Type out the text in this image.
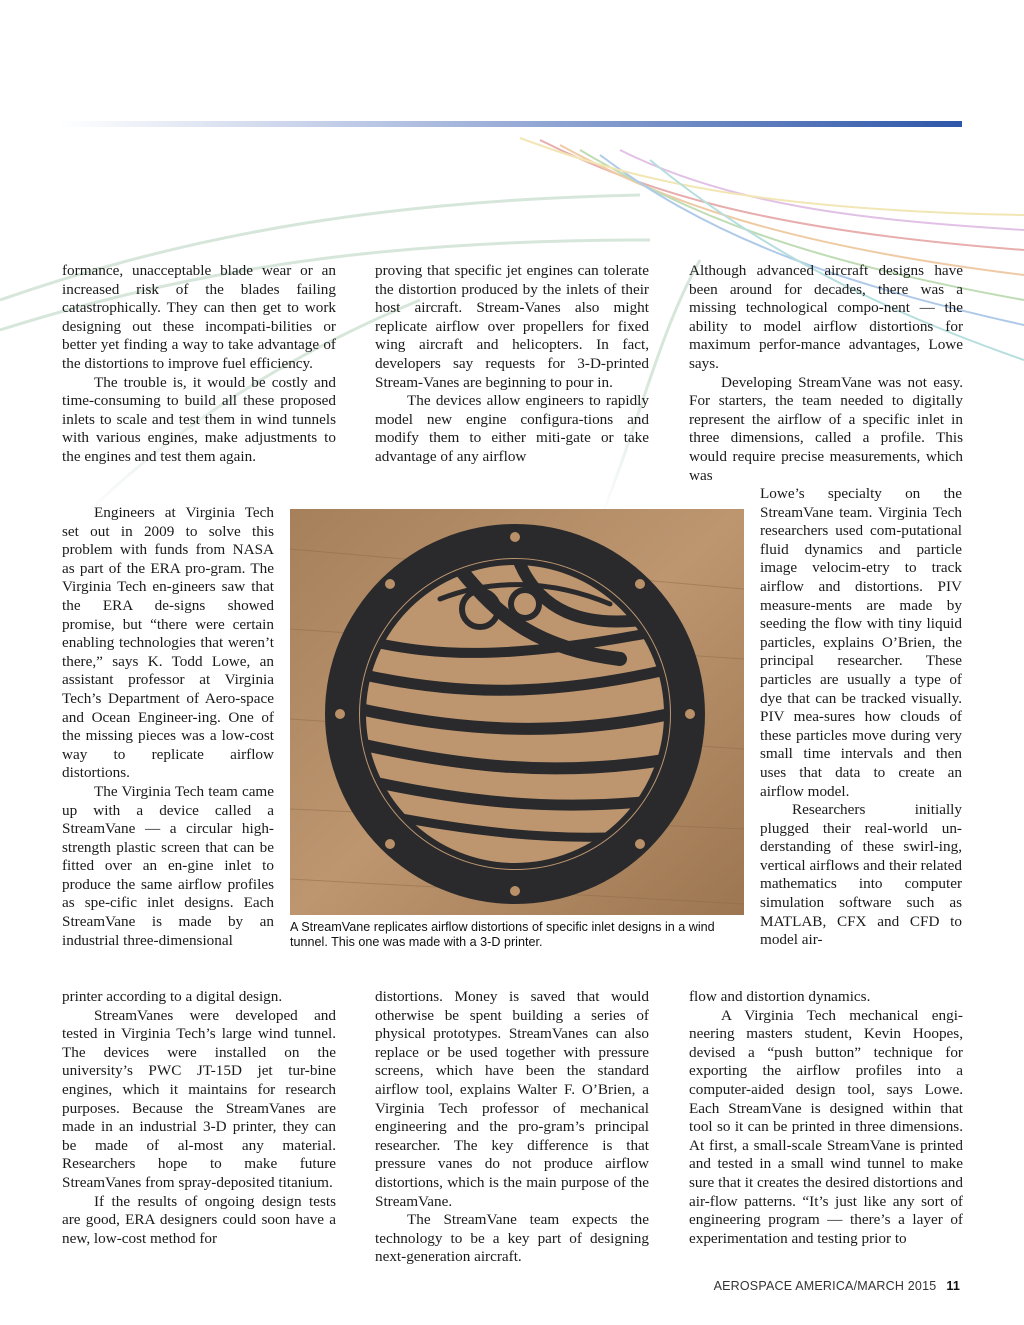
formance, unacceptable blade wear or an increased risk of the blades failing catastrophically. They can then get to work designing out these incompati-bilities or better yet finding a way to take advantage of the distortions to improve fuel efficiency.

The trouble is, it would be costly and time-consuming to build all these proposed inlets to scale and test them in wind tunnels with various engines, make adjustments to the engines and test them again.

Engineers at Virginia Tech set out in 2009 to solve this problem with funds from NASA as part of the ERA pro-gram. The Virginia Tech en-gineers saw that the ERA de-signs showed promise, but “there were certain enabling technologies that weren’t there,” says K. Todd Lowe, an assistant professor at Virginia Tech’s Department of Aero-space and Ocean Engineer-ing. One of the missing pieces was a low-cost way to replicate airflow distortions.

The Virginia Tech team came up with a device called a StreamVane — a circular high-strength plastic screen that can be fitted over an en-gine inlet to produce the same airflow profiles as spe-cific inlet designs. Each StreamVane is made by an industrial three-dimensional

printer according to a digital design.

StreamVanes were developed and tested in Virginia Tech’s large wind tunnel. The devices were installed on the university’s PWC JT-15D jet tur-bine engines, which it maintains for research purposes. Because the StreamVanes are made in an industrial 3-D printer, they can be made of al-most any material. Researchers hope to make future StreamVanes from spray-deposited titanium.

If the results of ongoing design tests are good, ERA designers could soon have a new, low-cost method for

proving that specific jet engines can tolerate the distortion produced by the inlets of their host aircraft. Stream-Vanes also might replicate airflow over propellers for fixed wing aircraft and helicopters. In fact, developers say requests for 3-D-printed Stream-Vanes are beginning to pour in.

The devices allow engineers to rapidly model new engine configura-tions and modify them to either miti-gate or take advantage of any airflow

distortions. Money is saved that would otherwise be spent building a series of physical prototypes. StreamVanes can also replace or be used together with pressure screens, which have been the standard airflow tool, explains Walter F. O’Brien, a Virginia Tech professor of mechanical engineering and the pro-gram’s principal researcher. The key difference is that pressure vanes do not produce airflow distortions, which is the main purpose of the StreamVane.

The StreamVane team expects the technology to be a key part of designing next-generation aircraft.

Although advanced aircraft designs have been around for decades, there was a missing technological compo-nent — the ability to model airflow distortions for maximum perfor-mance advantages, Lowe says.

Developing StreamVane was not easy. For starters, the team needed to digitally represent the airflow of a specific inlet in three dimensions, called a profile. This would require precise measurements, which was

Lowe’s specialty on the StreamVane team. Virginia Tech researchers used com-putational fluid dynamics and particle image velocim-etry to track airflow and distortions. PIV measure-ments are made by seeding the flow with tiny liquid particles, explains O’Brien, the principal researcher. These particles are usually a type of dye that can be tracked visually. PIV mea-sures how clouds of these particles move during very small time intervals and then uses that data to create an airflow model.

Researchers initially plugged their real-world un-derstanding of these swirl-ing, vertical airflows and their related mathematics into computer simulation software such as MATLAB, CFX and CFD to model air-

flow and distortion dynamics.

A Virginia Tech mechanical engi-neering masters student, Kevin Hoopes, devised a “push button” technique for exporting the airflow profiles into a computer-aided design tool, says Lowe. Each StreamVane is designed within that tool so it can be printed in three dimensions. At first, a small-scale StreamVane is printed and tested in a small wind tunnel to make sure that it creates the desired distortions and air-flow patterns. “It’s just like any sort of engineering program — there’s a layer of experimentation and testing prior to

A StreamVane replicates airflow distortions of specific inlet designs in a wind tunnel. This one was made with a 3-D printer.
AEROSPACE AMERICA/MARCH 2015 11
